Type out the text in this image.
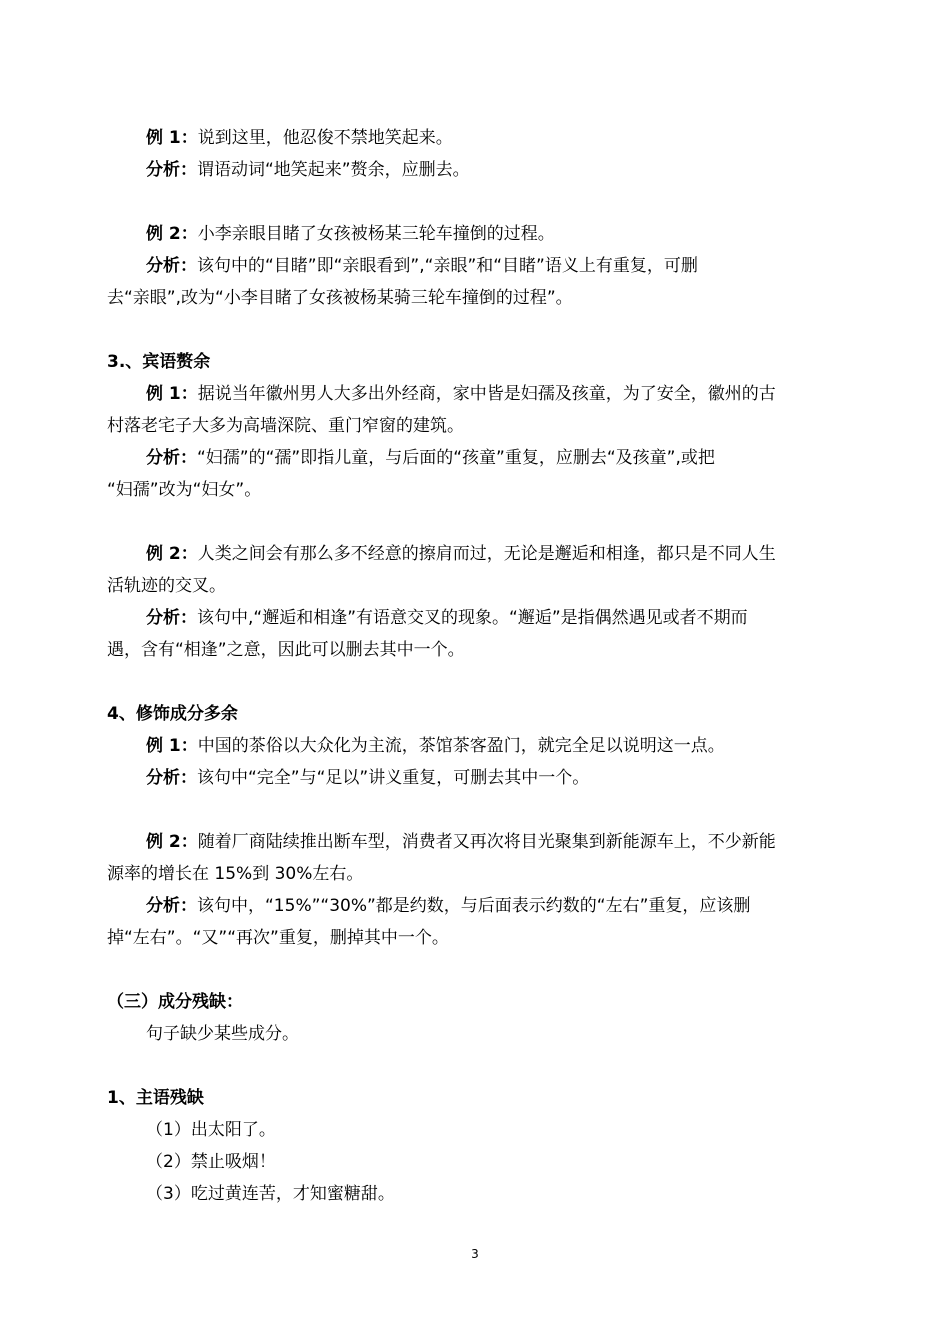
例 1：说到这里，他忍俊不禁地笑起来。
分析：谓语动词“地笑起来”赘余，应删去。
例 2：小李亲眼目睹了女孩被杨某三轮车撞倒的过程。
分析：该句中的“目睹”即“亲眼看到”,“亲眼”和“目睹”语义上有重复，可删
去“亲眼”,改为“小李目睹了女孩被杨某骑三轮车撞倒的过程”。
3.、宾语赘余
例 1：据说当年徽州男人大多出外经商，家中皆是妇孺及孩童，为了安全，徽州的古
村落老宅子大多为高墙深院、重门窄窗的建筑。
分析：“妇孺”的“孺”即指儿童，与后面的“孩童”重复，应删去“及孩童”,或把
“妇孺”改为“妇女”。
例 2：人类之间会有那么多不经意的擦肩而过，无论是邂逅和相逢，都只是不同人生
活轨迹的交叉。
分析：该句中,“邂逅和相逢”有语意交叉的现象。“邂逅”是指偶然遇见或者不期而
遇，含有“相逢”之意，因此可以删去其中一个。
4、修饰成分多余
例 1：中国的茶俗以大众化为主流，茶馆茶客盈门，就完全足以说明这一点。
分析：该句中“完全”与“足以”讲义重复，可删去其中一个。
例 2：随着厂商陆续推出断车型，消费者又再次将目光聚集到新能源车上，不少新能
源率的增长在 15%到 30%左右。
分析：该句中，“15%”“30%”都是约数，与后面表示约数的“左右”重复，应该删
掉“左右”。“又”“再次”重复，删掉其中一个。
（三）成分残缺：
句子缺少某些成分。
1、主语残缺
（1）出太阳了。
（2）禁止吸烟！
（3）吃过黄连苦，才知蜜糖甜。
3
